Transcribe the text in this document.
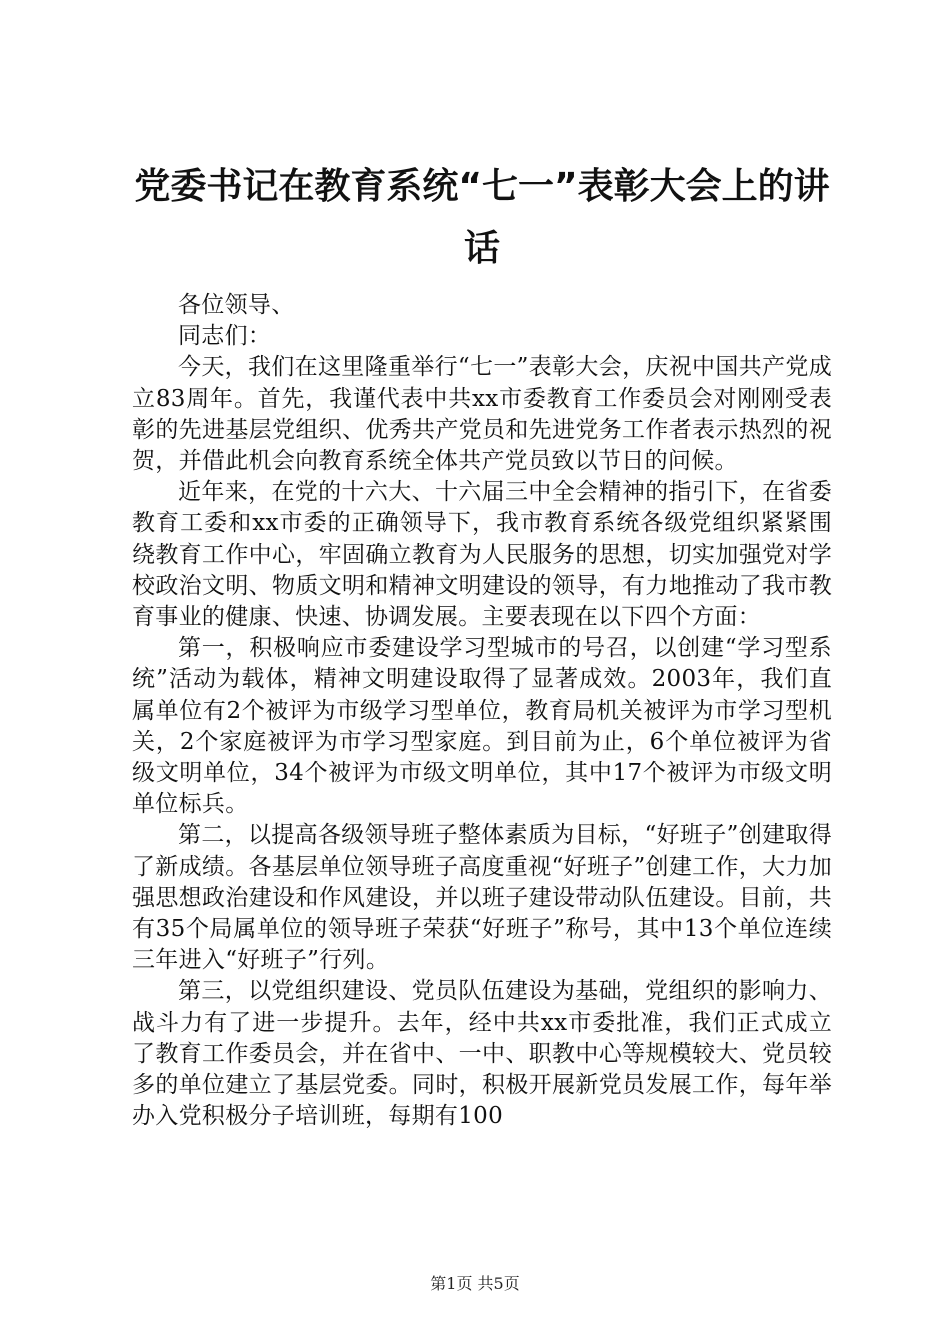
党委书记在教育系统“七一”表彰大会上的讲话

各位领导、

同志们：

今天，我们在这里隆重举行“七一”表彰大会，庆祝中国共产党成立83周年。首先，我谨代表中共xx市委教育工作委员会对刚刚受表彰的先进基层党组织、优秀共产党员和先进党务工作者表示热烈的祝贺，并借此机会向教育系统全体共产党员致以节日的问候。

近年来，在党的十六大、十六届三中全会精神的指引下，在省委教育工委和xx市委的正确领导下，我市教育系统各级党组织紧紧围绕教育工作中心，牢固确立教育为人民服务的思想，切实加强党对学校政治文明、物质文明和精神文明建设的领导，有力地推动了我市教育事业的健康、快速、协调发展。主要表现在以下四个方面：

第一，积极响应市委建设学习型城市的号召，以创建“学习型系统”活动为载体，精神文明建设取得了显著成效。2003年，我们直属单位有2个被评为市级学习型单位，教育局机关被评为市学习型机关，2个家庭被评为市学习型家庭。到目前为止，6个单位被评为省级文明单位，34个被评为市级文明单位，其中17个被评为市级文明单位标兵。

第二，以提高各级领导班子整体素质为目标，“好班子”创建取得了新成绩。各基层单位领导班子高度重视“好班子”创建工作，大力加强思想政治建设和作风建设，并以班子建设带动队伍建设。目前，共有35个局属单位的领导班子荣获“好班子”称号，其中13个单位连续三年进入“好班子”行列。

第三，以党组织建设、党员队伍建设为基础，党组织的影响力、战斗力有了进一步提升。去年，经中共xx市委批准，我们正式成立了教育工作委员会，并在省中、一中、职教中心等规模较大、党员较多的单位建立了基层党委。同时，积极开展新党员发展工作，每年举办入党积极分子培训班，每期有100

第1页 共5页
